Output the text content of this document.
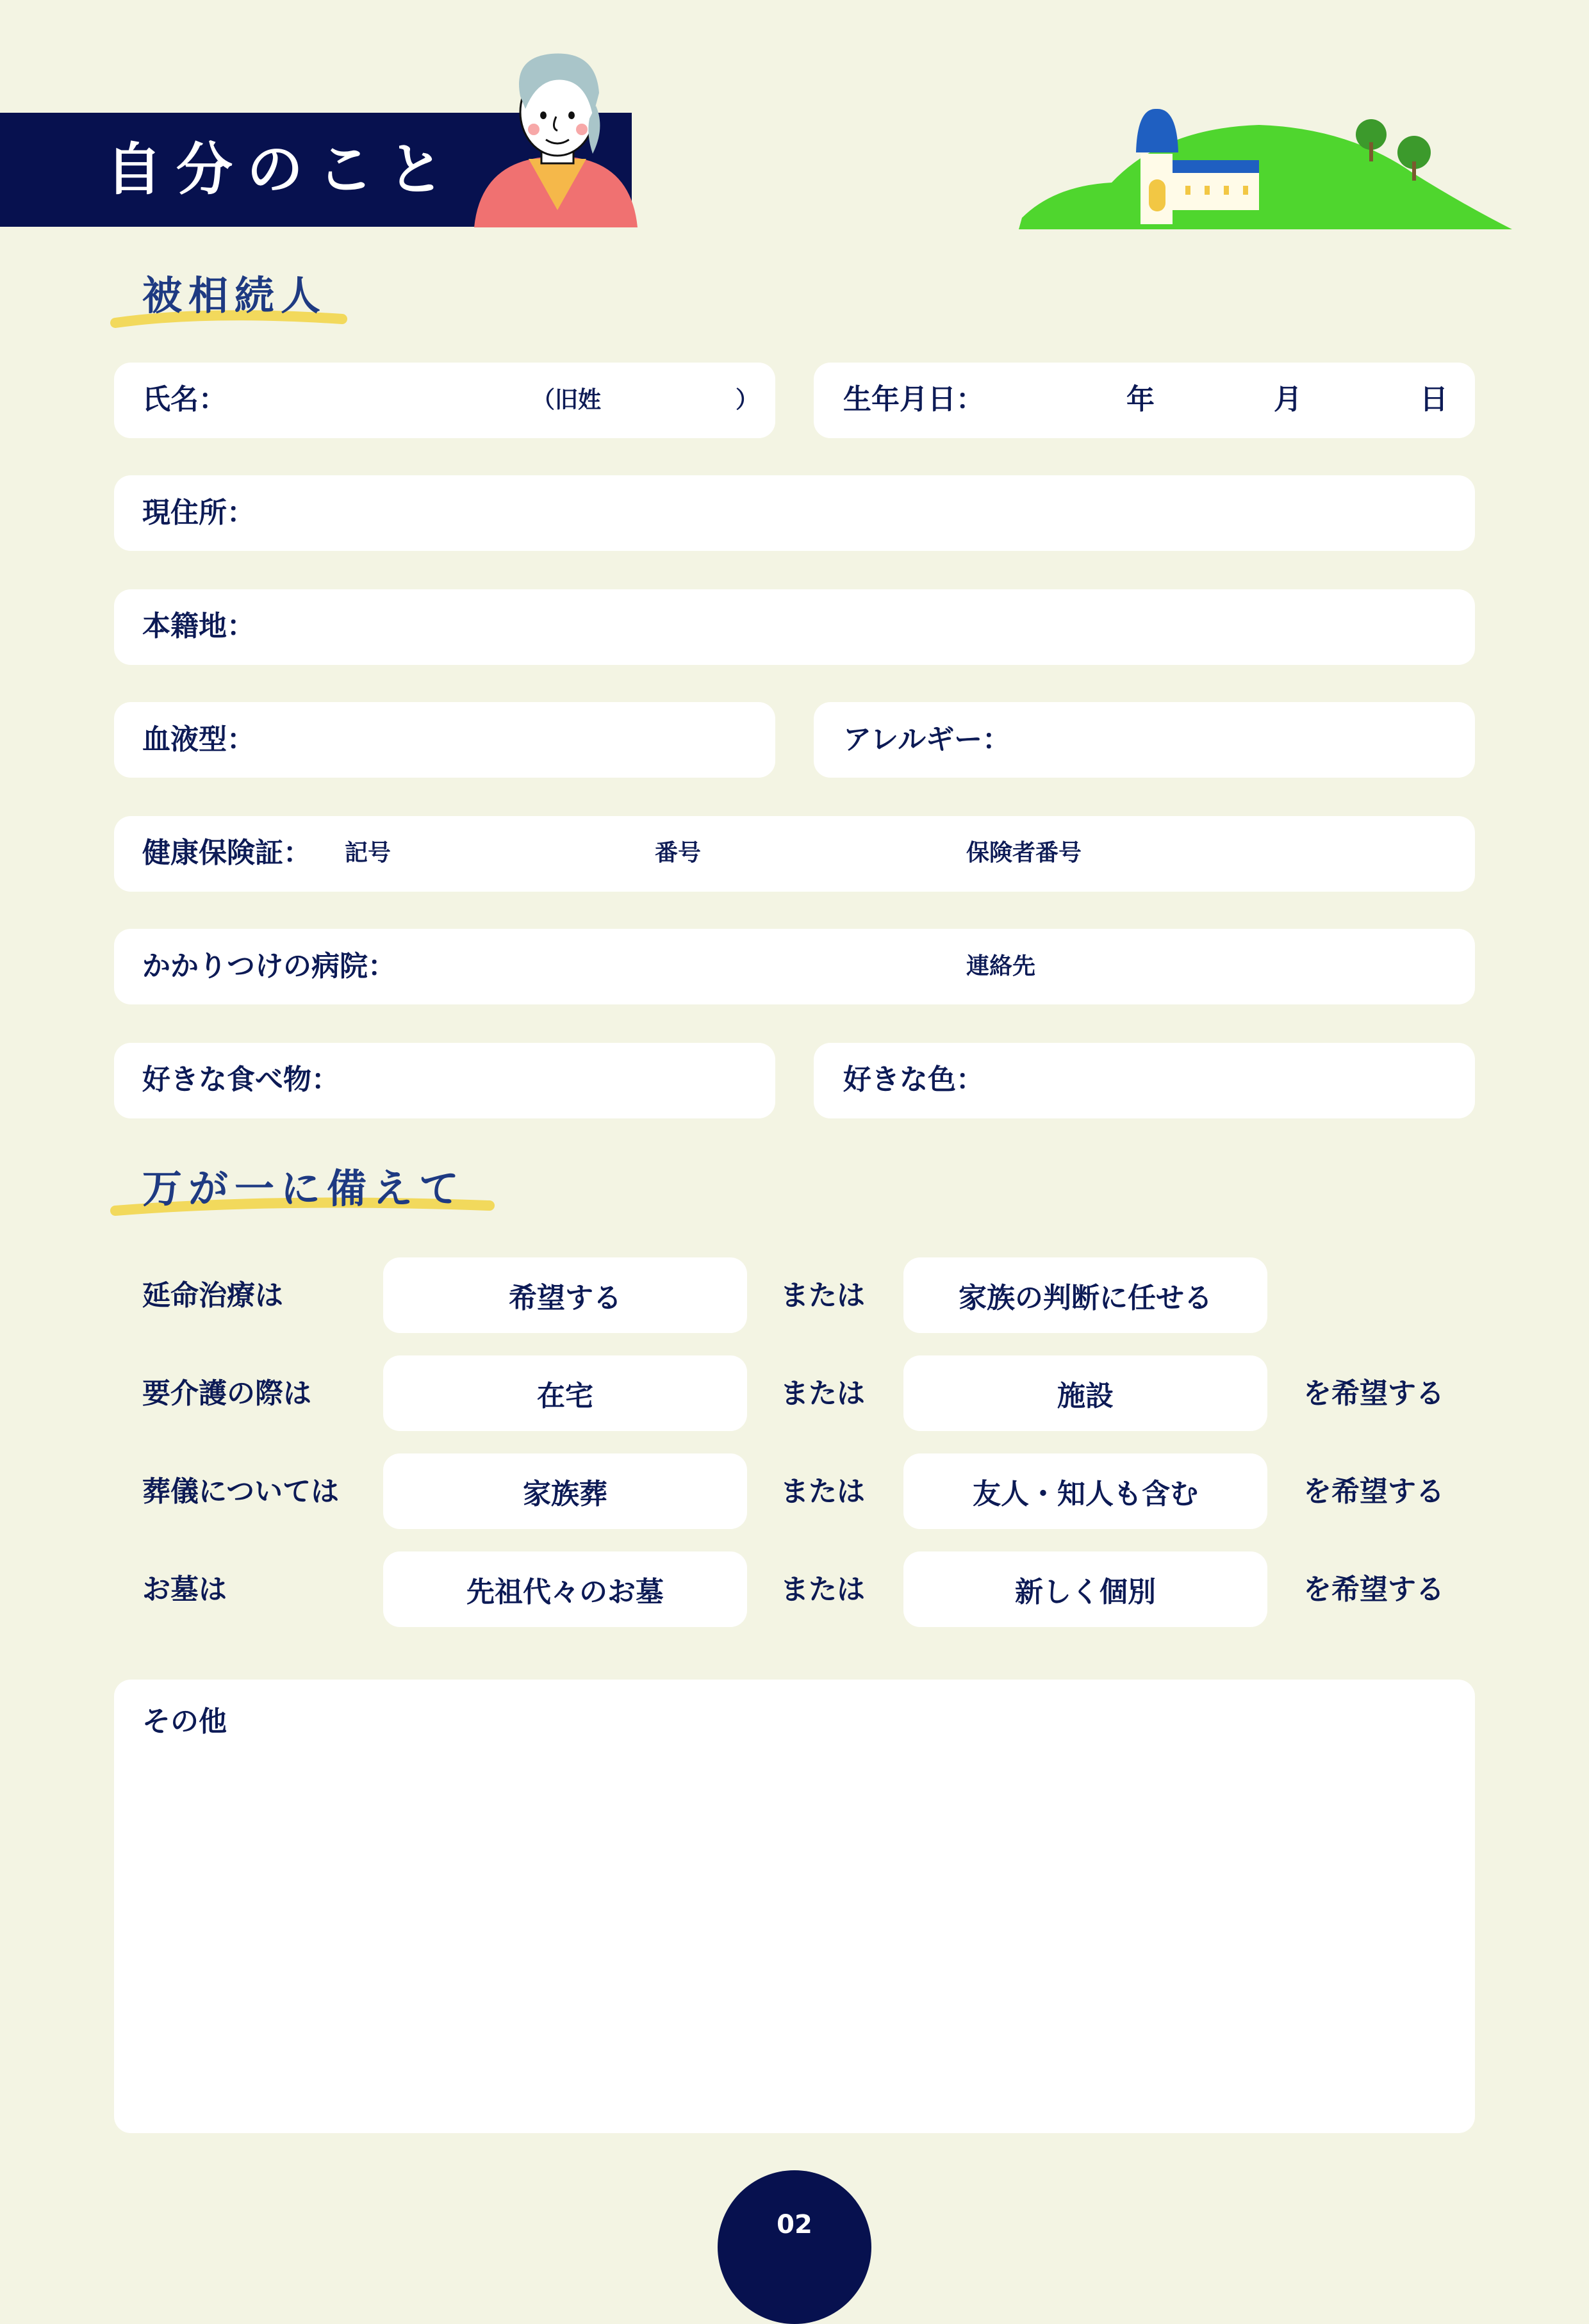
自分のこと
被相続人
氏名：	（旧姓	）	生年月日：	年	月	日
現住所：
本籍地：
血液型：	アレルギー：
健康保険証： 記号	番号	保険者番号
かかりつけの病院：	連絡先
好きな食べ物：	好きな色：
万が一に備えて
延命治療は	希望する	または	家族の判断に任せる
要介護の際は	在宅	または	施設	を希望する
葬儀については	家族葬	または	友人・知人も含む	を希望する
お墓は	先祖代々のお墓	または	新しく個別	を希望する
その他
02
